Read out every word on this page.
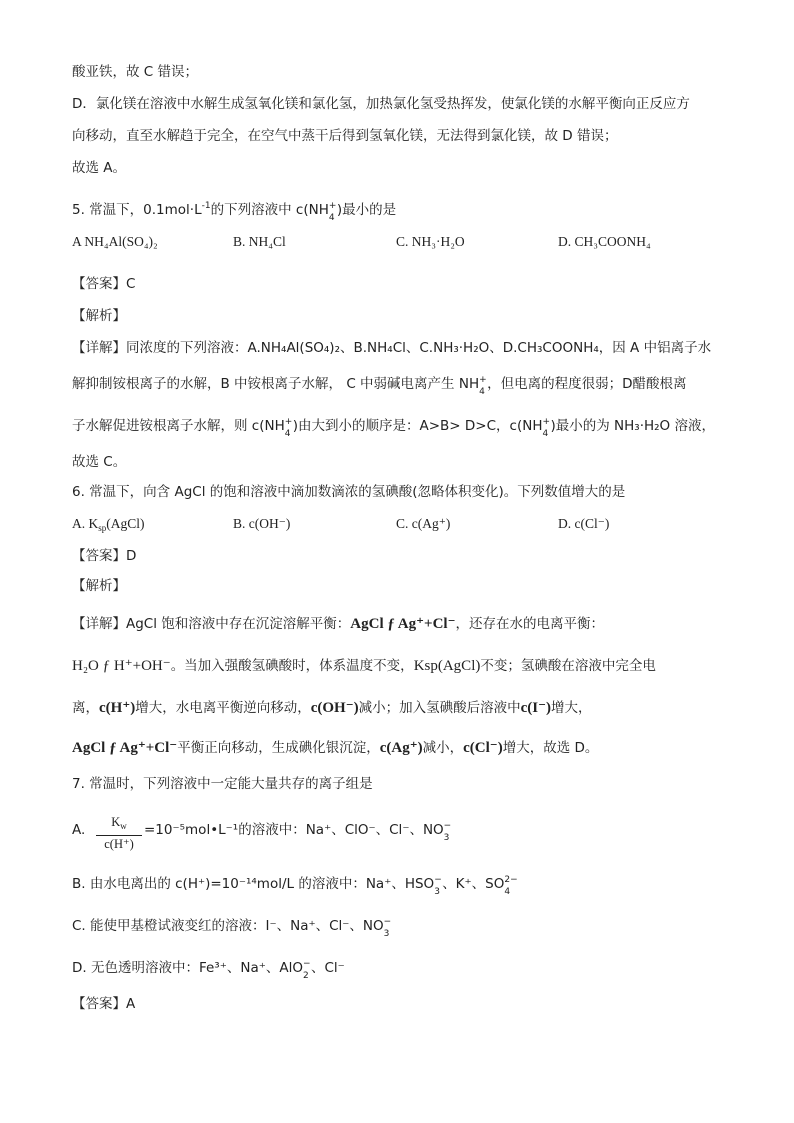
酸亚铁，故 C 错误；
D．氯化镁在溶液中水解生成氢氧化镁和氯化氢，加热氯化氢受热挥发，使氯化镁的水解平衡向正反应方
向移动，直至水解趋于完全，在空气中蒸干后得到氢氧化镁，无法得到氯化镁，故 D 错误；
故选 A。
5. 常温下，$0.1mol\cdot L^{-1}$的下列溶液中 c(NH +
4 )最小的是
A NH₄Al(SO₄)₂	B. NH₄Cl	C. NH₃·H₂O	D. CH₃COONH₄
【答案】C
【解析】
【详解】同浓度的下列溶液：A.NH₄Al(SO₄)₂、B.NH₄Cl、C.NH₃·H₂O、D.CH₃COONH₄，因 A 中铝离子水
解抑制铵根离子的水解，B 中铵根离子水解， C 中弱碱电离产生 NH +
4 ，但电离的程度很弱；D醋酸根离
子水解促进铵根离子水解，则 c(NH +
4 )由大到小的顺序是：A>B> D>C，c(NH +
4 )最小的为 NH₃·H₂O 溶液，
故选 C。
6. 常温下，向含 AgCl 的饱和溶液中滴加数滴浓的氢碘酸(忽略体积变化)。下列数值增大的是
A. $K_{sp}(AgCl)$	B. c(OH⁻)	C. c(Ag⁺)	D. c(Cl⁻)
【答案】D
【解析】
【详解】AgCl 饱和溶液中存在沉淀溶解平衡：AgCl ƒ Ag⁺+Cl⁻，还存在水的电离平衡：
H₂O ƒ H⁺+OH⁻。当加入强酸氢碘酸时，体系温度不变，Ksp(AgCl)不变；氢碘酸在溶液中完全电
离，c(H⁺)增大，水电离平衡逆向移动，c(OH⁻)减小；加入氢碘酸后溶液中c(I⁻)增大，
AgCl ƒ Ag⁺+Cl⁻平衡正向移动，生成碘化银沉淀，c(Ag⁺)减小，c(Cl⁻)增大，故选 D。
7. 常温时，下列溶液中一定能大量共存的离子组是
A. $\frac{K_w}{c(H^+)}$ =10⁻⁵mol•L⁻¹的溶液中：Na⁺、ClO⁻、Cl⁻、NO −
3
B. 由水电离出的 c(H⁺)=10⁻¹⁴mol/L 的溶液中：Na⁺、HSO −
3 、K⁺、SO 2−
4
C. 能使甲基橙试液变红的溶液：I⁻、Na⁺、Cl⁻、NO −
3
D. 无色透明溶液中：Fe³⁺、Na⁺、AlO −
2 、Cl⁻
【答案】A
